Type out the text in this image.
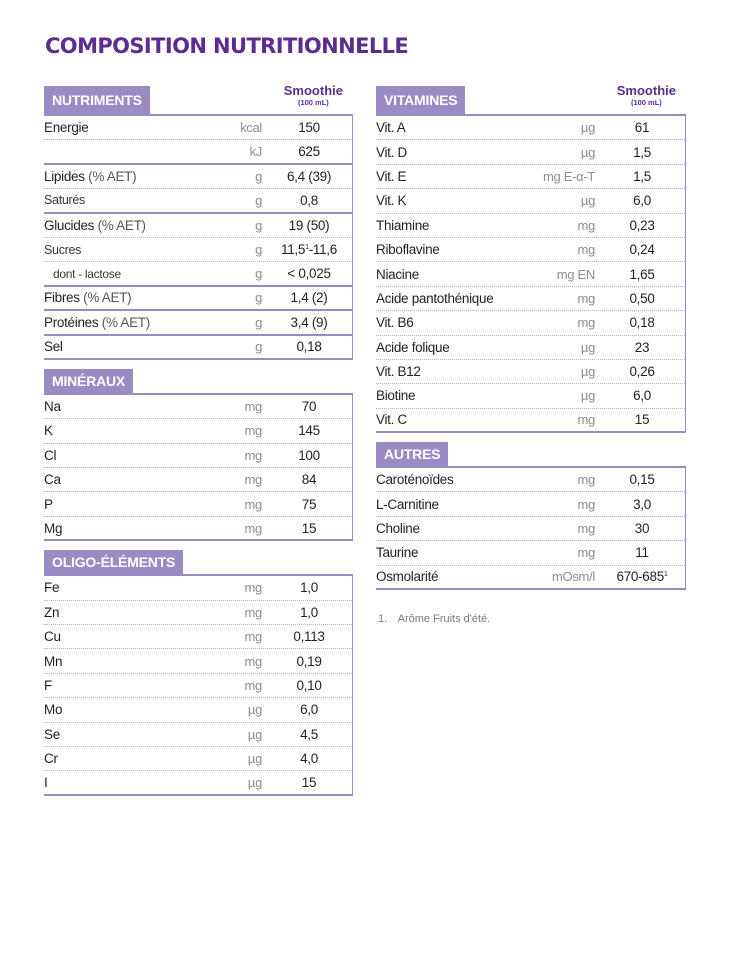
COMPOSITION NUTRITIONNELLE
NUTRIMENTS
Smoothie
(100 mL)
Energie	kcal	150
kJ	625
Lipides (% AET)	g	6,4 (39)
Saturés	g	0,8
Glucides (% AET)	g	19 (50)
Sucres	g	11,5$^1$-11,6
dont - lactose	g	< 0,025
Fibres (% AET)	g	1,4 (2)
Protéines (% AET)	g	3,4 (9)
Sel	g	0,18
MINÉRAUX
Na	mg	70
K	mg	145
Cl	mg	100
Ca	mg	84
P	mg	75
Mg	mg	15
OLIGO-ÉLÉMENTS
Fe	mg	1,0
Zn	mg	1,0
Cu	mg	0,113
Mn	mg	0,19
F	mg	0,10
Mo	µg	6,0
Se	µg	4,5
Cr	µg	4,0
I	µg	15
VITAMINES
Smoothie
(100 mL)
Vit. A	µg	61
Vit. D	µg	1,5
Vit. E	mg E-α-T	1,5
Vit. K	µg	6,0
Thiamine	mg	0,23
Riboflavine	mg	0,24
Niacine	mg EN	1,65
Acide pantothénique	mg	0,50
Vit. B6	mg	0,18
Acide folique	µg	23
Vit. B12	µg	0,26
Biotine	µg	6,0
Vit. C	mg	15
AUTRES
Caroténoïdes	mg	0,15
L-Carnitine	mg	3,0
Choline	mg	30
Taurine	mg	11
Osmolarité	mOsm/l	$670-685^1$
1. Arôme Fruits d'été.
